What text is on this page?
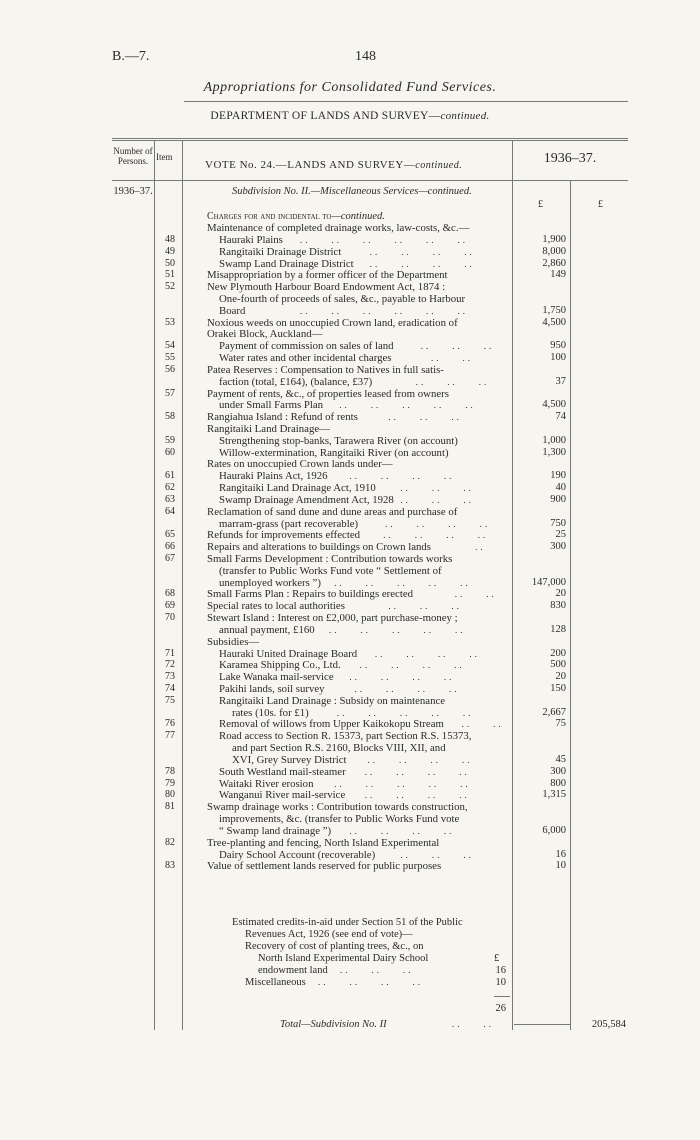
B.—7.	148
Appropriations for Consolidated Fund Services.
DEPARTMENT OF LANDS AND SURVEY—continued.
Number of Persons. Item
VOTE No. 24.—LANDS AND SURVEY—continued.	1936–37.
1936–37.	Subdivision No. II.—Miscellaneous Services—continued.
£	£
Charges for and incidental to—continued.
Maintenance of completed drainage works, law-costs, &c.—
48	Hauraki Plains ..    ..    ..    ..    ..    ..	1,900
49	Rangitaiki Drainage District	..    ..    ..    ..	8,000
50	Swamp Land Drainage District ..    ..    ..    ..	2,860
51	Misappropriation by a former officer of the Department	149
52	New Plymouth Harbour Board Endowment Act, 1874 :
One-fourth of proceeds of sales, &c., payable to Harbour
Board	..    ..    ..    ..    ..    ..	1,750
53	Noxious weeds on unoccupied Crown land, eradication of	4,500
Orakei Block, Auckland—
54	Payment of commission on sales of land	..    ..    ..	950
55	Water rates and other incidental charges	..    ..	100
56	Patea Reserves : Compensation to Natives in full satis-
faction (total, £164), (balance, £37)	..    ..    ..	37
57	Payment of rents, &c., of properties leased from owners
under Small Farms Plan ..    ..    ..    ..    ..	4,500
58	Rangiahua Island : Refund of rents	..    ..    ..	74
Rangitaiki Land Drainage—
59	Strengthening stop-banks, Tarawera River (on account)	1,000
60	Willow-extermination, Rangitaiki River (on account)	1,300
Rates on unoccupied Crown lands under—
61	Hauraki Plains Act, 1926 ..    ..    ..    ..	190
62	Rangitaiki Land Drainage Act, 1910	..    ..    ..	40
63	Swamp Drainage Amendment Act, 1928 ..    ..    ..	900
64	Reclamation of sand dune and dune areas and purchase of
marram-grass (part recoverable)	..    ..    ..    ..	750
65	Refunds for improvements effected	..    ..    ..    ..	25
66	Repairs and alterations to buildings on Crown lands	..	300
67	Small Farms Development : Contribution towards works
(transfer to Public Works Fund vote “ Settlement of
unemployed workers ”) ..    ..    ..    ..    ..	147,000
68	Small Farms Plan : Repairs to buildings erected	..    ..	20
69	Special rates to local authorities	..    ..    ..	830
70	Stewart Island : Interest on £2,000, part purchase-money ;
annual payment, £160 ..    ..    ..    ..    ..	128
Subsidies—
71	Hauraki United Drainage Board ..    ..    ..    ..	200
72	Karamea Shipping Co., Ltd. ..    ..    ..    ..	500
73	Lake Wanaka mail-service ..    ..    ..    ..	20
74	Pakihi lands, soil survey	..    ..    ..    ..	150
75	Rangitaiki Land Drainage : Subsidy on maintenance
rates (10s. for £1)	..    ..    ..    ..    ..	2,667
76	Removal of willows from Upper Kaikokopu Stream ..    ..	75
77	Road access to Section R. 15373, part Section R.S. 15373,
and part Section R.S. 2160, Blocks VIII, XII, and
XVI, Grey Survey District ..    ..    ..    ..	45
78	South Westland mail-steamer ..    ..    ..    ..	300
79	Waitaki River erosion ..    ..    ..    ..    ..	800
80	Wanganui River mail-service ..    ..    ..    ..	1,315
81	Swamp drainage works : Contribution towards construction,
improvements, &c. (transfer to Public Works Fund vote
“ Swamp land drainage ”) ..    ..    ..    ..	6,000
82	Tree-planting and fencing, North Island Experimental
Dairy School Account (recoverable)	..    ..    ..	16
83	Value of settlement lands reserved for public purposes	10
Estimated credits-in-aid under Section 51 of the Public
Revenues Act, 1926 (see end of vote)—
Recovery of cost of planting trees, &c., on
North Island Experimental Dairy School	£
endowment land ..    ..    ..	16
Miscellaneous ..    ..    ..    ..	10
26
Total—Subdivision No. II	..    ..	205,584
